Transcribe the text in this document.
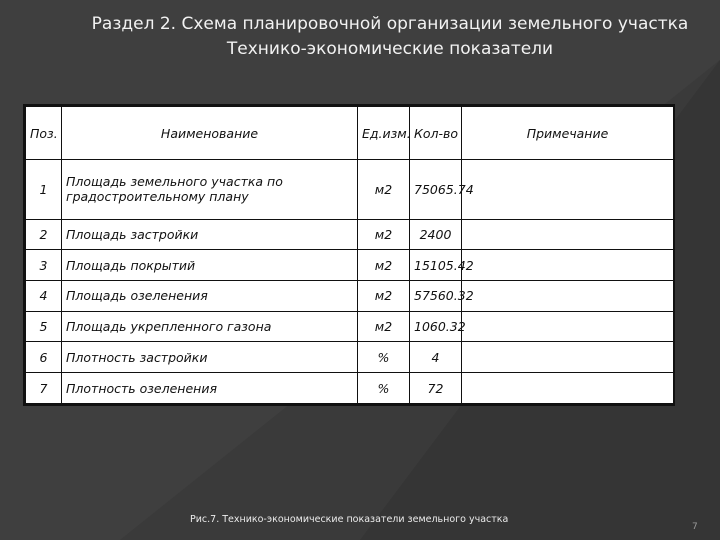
Раздел 2. Схема планировочной организации земельного участка
Технико-экономические показатели
Поз.	Наименование	Ед.изм.	Кол-во	Примечание
1	Площадь земельного участка по градостроительному плану	м2	75065.74	
2	Площадь застройки	м2	2400	
3	Площадь покрытий	м2	15105.42	
4	Площадь озеленения	м2	57560.32	
5	Площадь укрепленного газона	м2	1060.32	
6	Плотность застройки	%	4	
7	Плотность озеленения	%	72	
Рис.7. Технико-экономические показатели земельного участка
7
